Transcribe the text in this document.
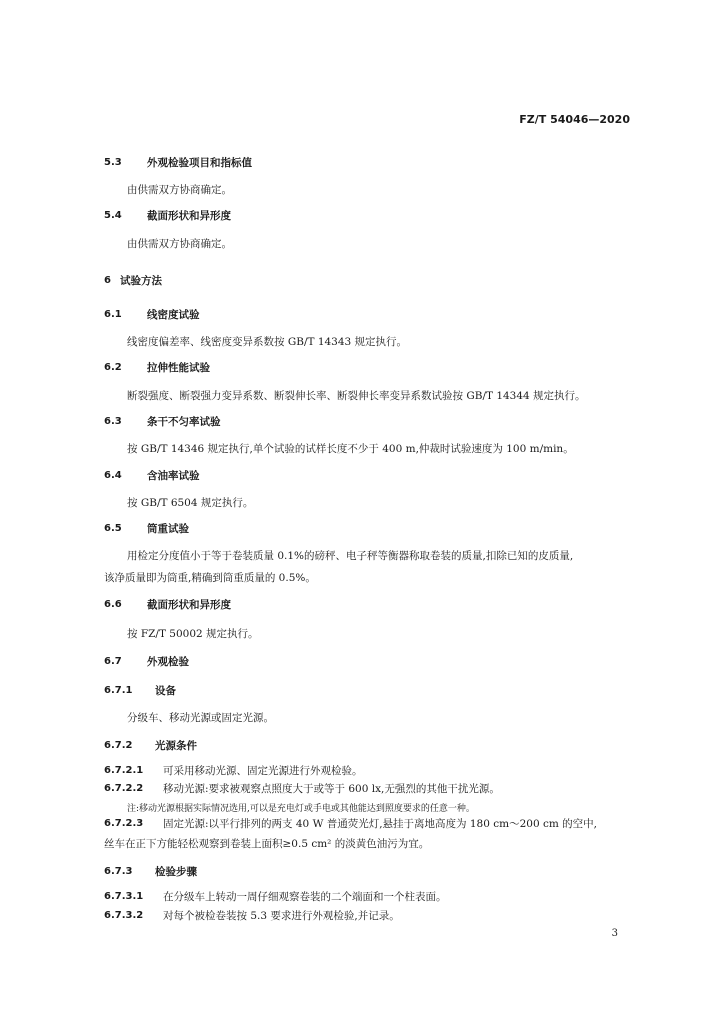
FZ/T 54046—2020
5.3 外观检验项目和指标值
由供需双方协商确定。
5.4 截面形状和异形度
由供需双方协商确定。
6 试验方法
6.1 线密度试验
线密度偏差率、线密度变异系数按 GB/T 14343 规定执行。
6.2 拉伸性能试验
断裂强度、断裂强力变异系数、断裂伸长率、断裂伸长率变异系数试验按 GB/T 14344 规定执行。
6.3 条干不匀率试验
按 GB/T 14346 规定执行,单个试验的试样长度不少于 400 m,仲裁时试验速度为 100 m/min。
6.4 含油率试验
按 GB/T 6504 规定执行。
6.5 筒重试验
用检定分度值小于等于卷装质量 0.1%的磅秤、电子秤等衡器称取卷装的质量,扣除已知的皮质量,
该净质量即为筒重,精确到筒重质量的 0.5%。
6.6 截面形状和异形度
按 FZ/T 50002 规定执行。
6.7 外观检验
6.7.1 设备
分级车、移动光源或固定光源。
6.7.2 光源条件
6.7.2.1 可采用移动光源、固定光源进行外观检验。
6.7.2.2 移动光源:要求被观察点照度大于或等于 600 lx,无强烈的其他干扰光源。
注:移动光源根据实际情况选用,可以是充电灯或手电或其他能达到照度要求的任意一种。
6.7.2.3 固定光源:以平行排列的两支 40 W 普通荧光灯,悬挂于离地高度为 180 cm～200 cm 的空中,
丝车在正下方能轻松观察到卷装上面积≥0.5 cm² 的淡黄色油污为宜。
6.7.3 检验步骤
6.7.3.1 在分级车上转动一周仔细观察卷装的二个端面和一个柱表面。
6.7.3.2 对每个被检卷装按 5.3 要求进行外观检验,并记录。
3
